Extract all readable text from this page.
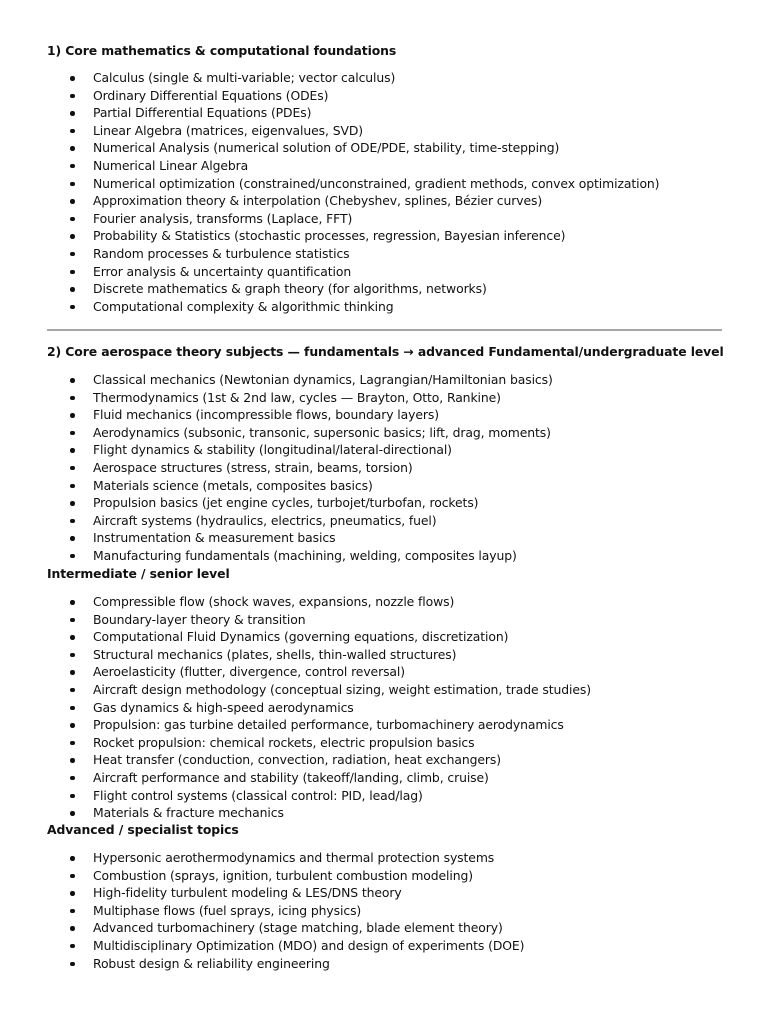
1) Core mathematics & computational foundations
Calculus (single & multi-variable; vector calculus)
Ordinary Differential Equations (ODEs)
Partial Differential Equations (PDEs)
Linear Algebra (matrices, eigenvalues, SVD)
Numerical Analysis (numerical solution of ODE/PDE, stability, time-stepping)
Numerical Linear Algebra
Numerical optimization (constrained/unconstrained, gradient methods, convex optimization)
Approximation theory & interpolation (Chebyshev, splines, Bézier curves)
Fourier analysis, transforms (Laplace, FFT)
Probability & Statistics (stochastic processes, regression, Bayesian inference)
Random processes & turbulence statistics
Error analysis & uncertainty quantification
Discrete mathematics & graph theory (for algorithms, networks)
Computational complexity & algorithmic thinking
2) Core aerospace theory subjects — fundamentals → advanced Fundamental/undergraduate level
Classical mechanics (Newtonian dynamics, Lagrangian/Hamiltonian basics)
Thermodynamics (1st & 2nd law, cycles — Brayton, Otto, Rankine)
Fluid mechanics (incompressible flows, boundary layers)
Aerodynamics (subsonic, transonic, supersonic basics; lift, drag, moments)
Flight dynamics & stability (longitudinal/lateral-directional)
Aerospace structures (stress, strain, beams, torsion)
Materials science (metals, composites basics)
Propulsion basics (jet engine cycles, turbojet/turbofan, rockets)
Aircraft systems (hydraulics, electrics, pneumatics, fuel)
Instrumentation & measurement basics
Manufacturing fundamentals (machining, welding, composites layup)
Intermediate / senior level
Compressible flow (shock waves, expansions, nozzle flows)
Boundary-layer theory & transition
Computational Fluid Dynamics (governing equations, discretization)
Structural mechanics (plates, shells, thin-walled structures)
Aeroelasticity (flutter, divergence, control reversal)
Aircraft design methodology (conceptual sizing, weight estimation, trade studies)
Gas dynamics & high-speed aerodynamics
Propulsion: gas turbine detailed performance, turbomachinery aerodynamics
Rocket propulsion: chemical rockets, electric propulsion basics
Heat transfer (conduction, convection, radiation, heat exchangers)
Aircraft performance and stability (takeoff/landing, climb, cruise)
Flight control systems (classical control: PID, lead/lag)
Materials & fracture mechanics
Advanced / specialist topics
Hypersonic aerothermodynamics and thermal protection systems
Combustion (sprays, ignition, turbulent combustion modeling)
High-fidelity turbulent modeling & LES/DNS theory
Multiphase flows (fuel sprays, icing physics)
Advanced turbomachinery (stage matching, blade element theory)
Multidisciplinary Optimization (MDO) and design of experiments (DOE)
Robust design & reliability engineering
